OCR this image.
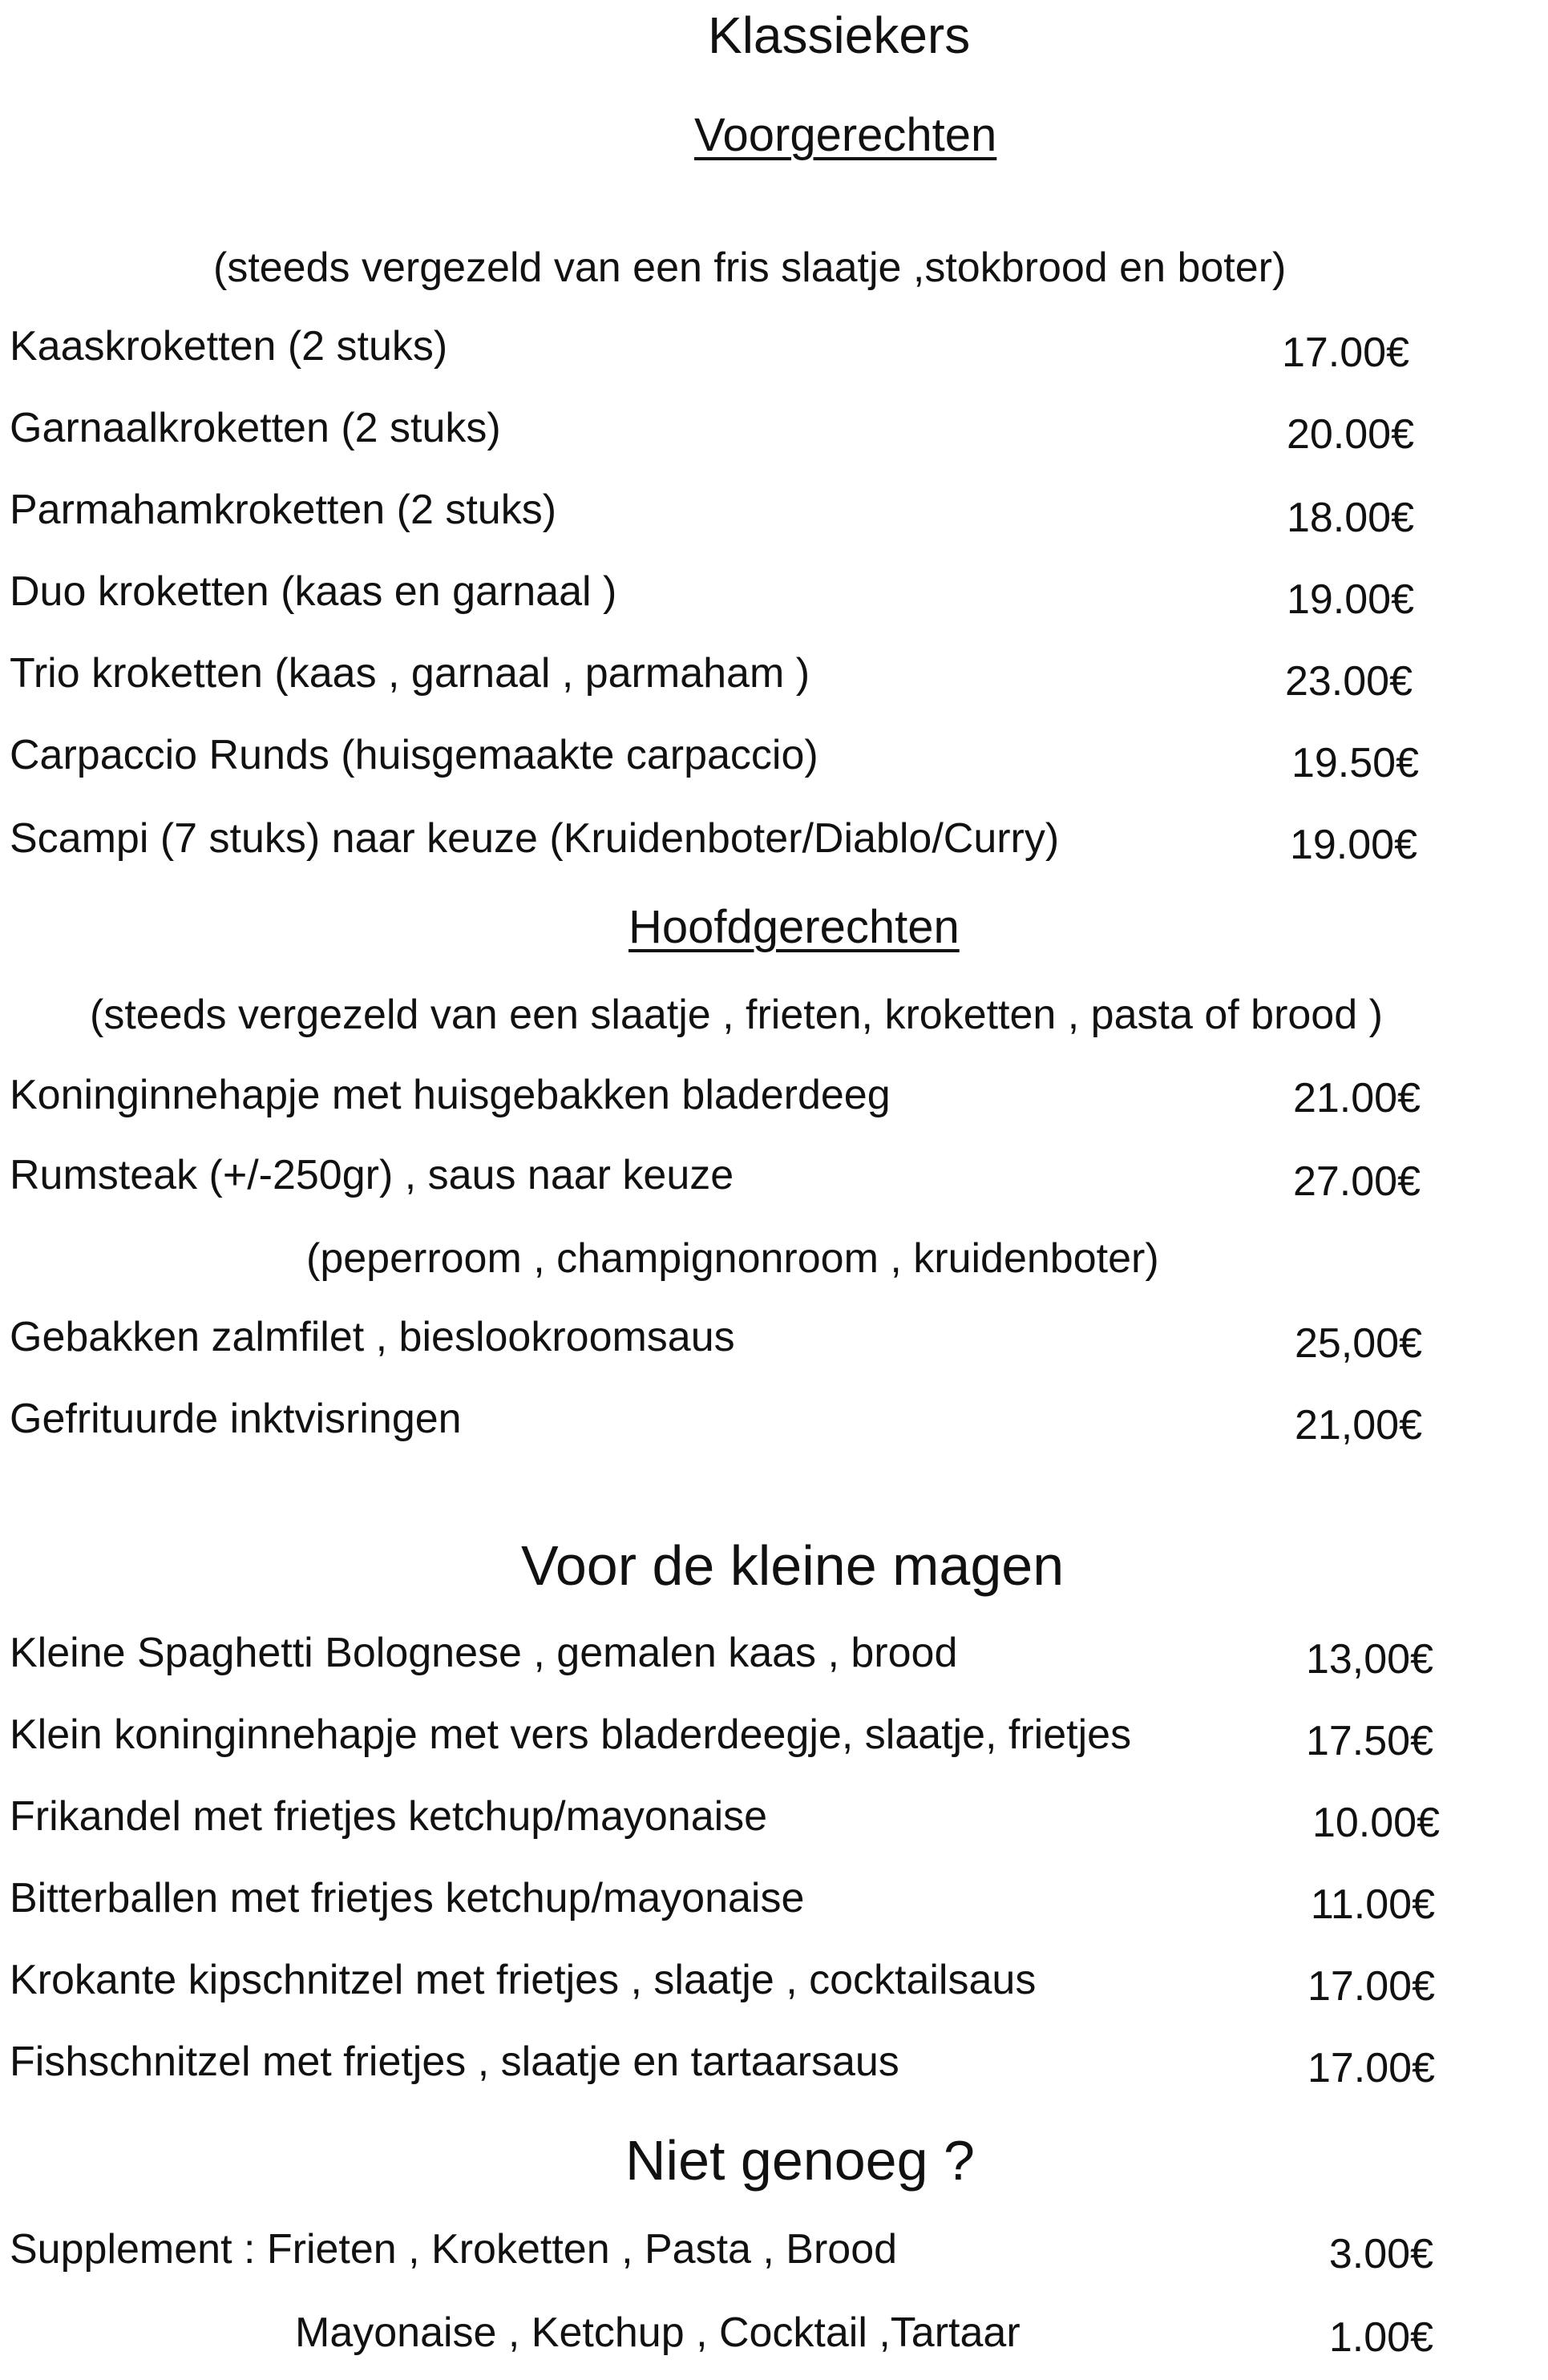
Klassiekers
Voorgerechten
(steeds vergezeld van een fris slaatje ,stokbrood en boter)
Kaaskroketten (2 stuks)	17.00€
Garnaalkroketten (2 stuks)	20.00€
Parmahamkroketten (2 stuks)	18.00€
Duo kroketten (kaas en garnaal )	19.00€
Trio kroketten (kaas , garnaal , parmaham )	23.00€
Carpaccio Runds (huisgemaakte carpaccio)	19.50€
Scampi (7 stuks) naar keuze (Kruidenboter/Diablo/Curry)	19.00€
Hoofdgerechten
(steeds vergezeld van een slaatje , frieten, kroketten , pasta of brood )
Koninginnehapje met huisgebakken bladerdeeg	21.00€
Rumsteak (+/-250gr) , saus naar keuze	27.00€
(peperroom , champignonroom , kruidenboter)
Gebakken zalmfilet , bieslookroomsaus	25,00€
Gefrituurde inktvisringen	21,00€
Voor de kleine magen
Kleine Spaghetti Bolognese , gemalen kaas , brood	13,00€
Klein koninginnehapje met vers bladerdeegje, slaatje, frietjes	17.50€
Frikandel met frietjes ketchup/mayonaise	10.00€
Bitterballen met frietjes ketchup/mayonaise	11.00€
Krokante kipschnitzel met frietjes , slaatje , cocktailsaus	17.00€
Fishschnitzel met frietjes , slaatje en tartaarsaus	17.00€
Niet genoeg ?
Supplement : Frieten , Kroketten , Pasta , Brood	3.00€
Mayonaise , Ketchup , Cocktail ,Tartaar	1.00€
